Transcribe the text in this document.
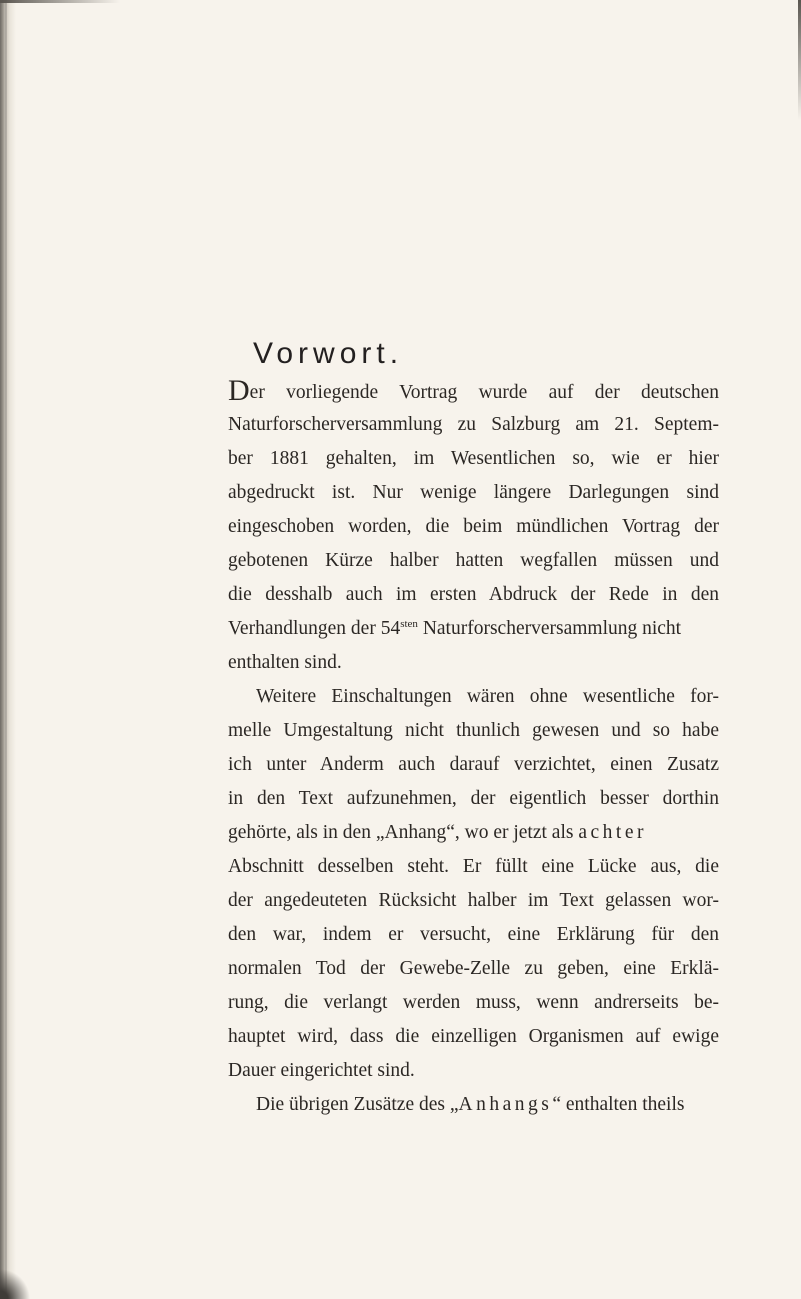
Vorwort.
Der vorliegende Vortrag wurde auf der deutschen
Naturforscherversammlung zu Salzburg am 21. Septem-
ber 1881 gehalten, im Wesentlichen so, wie er hier
abgedruckt ist. Nur wenige längere Darlegungen sind
eingeschoben worden, die beim mündlichen Vortrag der
gebotenen Kürze halber hatten wegfallen müssen und
die desshalb auch im ersten Abdruck der Rede in den
Verhandlungen der $54^{sten}$ Naturforscherversammlung nicht
enthalten sind.
Weitere Einschaltungen wären ohne wesentliche for-
melle Umgestaltung nicht thunlich gewesen und so habe
ich unter Anderm auch darauf verzichtet, einen Zusatz
in den Text aufzunehmen, der eigentlich besser dorthin
gehörte, als in den „Anhang“, wo er jetzt als achter
Abschnitt desselben steht. Er füllt eine Lücke aus, die
der angedeuteten Rücksicht halber im Text gelassen wor-
den war, indem er versucht, eine Erklärung für den
normalen Tod der Gewebe-Zelle zu geben, eine Erklä-
rung, die verlangt werden muss, wenn andrerseits be-
hauptet wird, dass die einzelligen Organismen auf ewige
Dauer eingerichtet sind.
Die übrigen Zusätze des „Anhangs“ enthalten theils
